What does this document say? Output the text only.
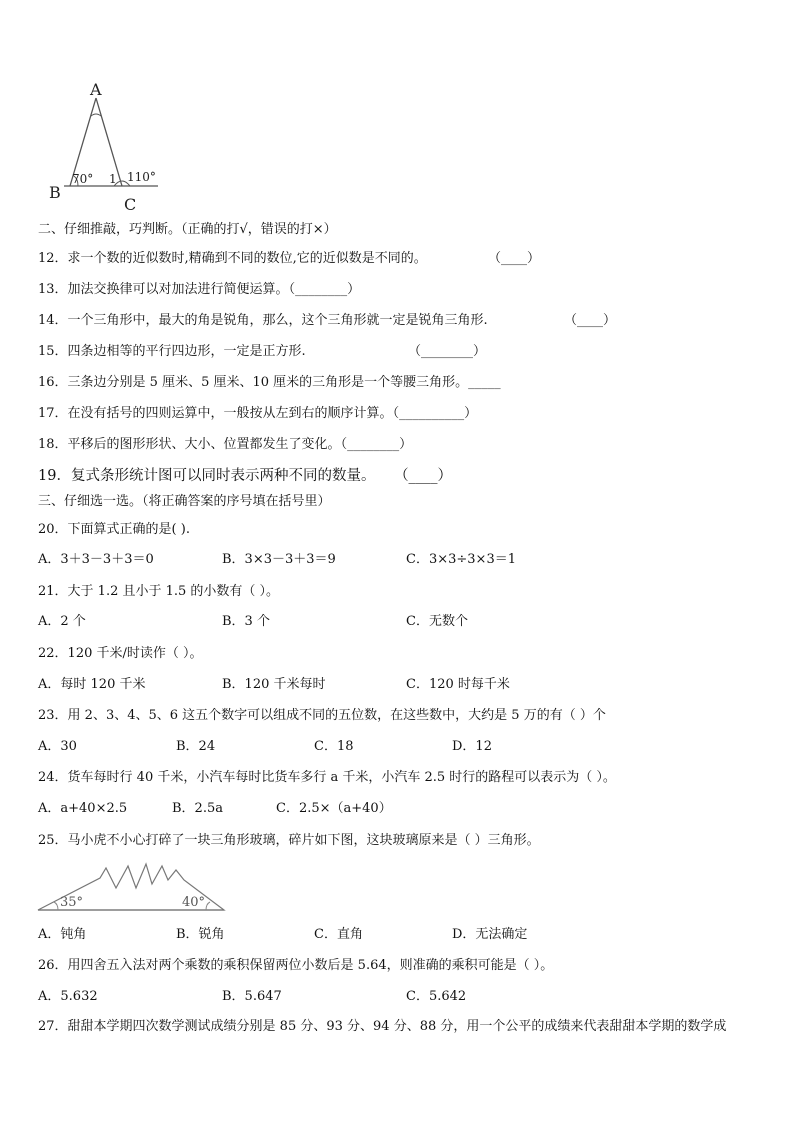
A
B
C
70° 1 110°
二、仔细推敲，巧判断。（正确的打√，错误的打×）
12．求一个数的近似数时,精确到不同的数位,它的近似数是不同的。	（____）
13．加法交换律可以对加法进行简便运算。（________）
14．一个三角形中，最大的角是锐角，那么，这个三角形就一定是锐角三角形.	（____）
15．四条边相等的平行四边形，一定是正方形.	（________）
16．三条边分别是 5 厘米、5 厘米、10 厘米的三角形是一个等腰三角形。_____
17．在没有括号的四则运算中，一般按从左到右的顺序计算。（__________）
18．平移后的图形形状、大小、位置都发生了变化。（________）
19．复式条形统计图可以同时表示两种不同的数量。 （____）
三、仔细选一选。（将正确答案的序号填在括号里）
20．下面算式正确的是( ).
A．3＋3－3＋3＝0	B．3×3－3＋3＝9	C．3×3÷3×3＝1
21．大于 1.2 且小于 1.5 的小数有（ ）。
A．2 个	B．3 个	C．无数个
22．120 千米/时读作（ ）。
A．每时 120 千米	B．120 千米每时	C．120 时每千米
23．用 2、3、4、5、6 这五个数字可以组成不同的五位数，在这些数中，大约是 5 万的有（ ）个
A．30	B．24	C．18	D．12
24．货车每时行 40 千米，小汽车每时比货车多行 a 千米，小汽车 2.5 时行的路程可以表示为（ ）。
A．a+40×2.5	B．2.5a	C．2.5×（a+40）
25．马小虎不小心打碎了一块三角形玻璃，碎片如下图，这块玻璃原来是（ ）三角形。
35°	40°
A．钝角	B．锐角	C．直角	D．无法确定
26．用四舍五入法对两个乘数的乘积保留两位小数后是 5.64，则准确的乘积可能是（ ）。
A．5.632	B．5.647	C．5.642
27．甜甜本学期四次数学测试成绩分别是 85 分、93 分、94 分、88 分，用一个公平的成绩来代表甜甜本学期的数学成
